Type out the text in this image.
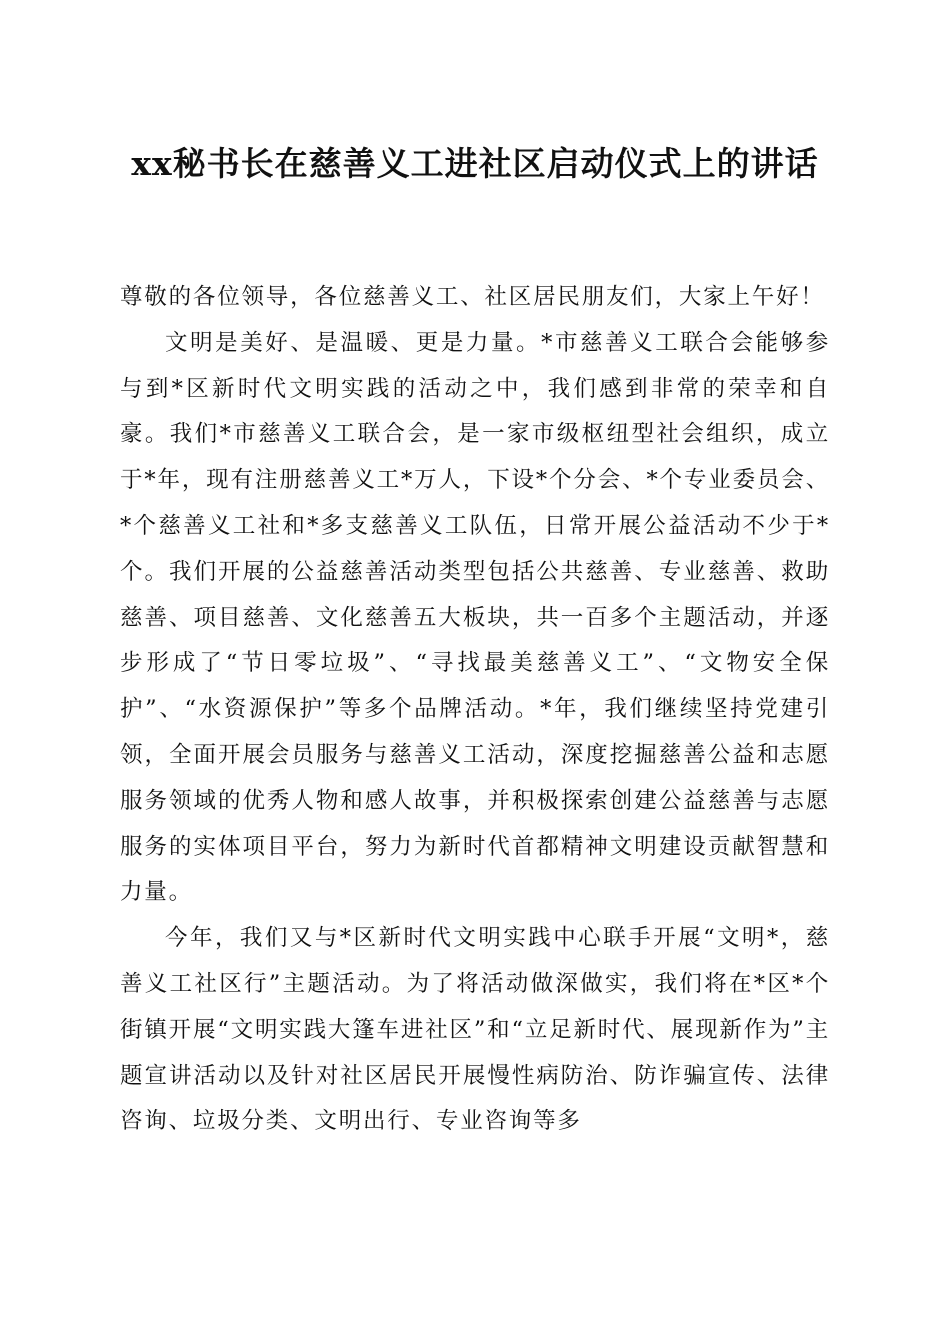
xx秘书长在慈善义工进社区启动仪式上的讲话

尊敬的各位领导，各位慈善义工、社区居民朋友们，大家上午好！

文明是美好、是温暖、更是力量。*市慈善义工联合会能够参与到*区新时代文明实践的活动之中，我们感到非常的荣幸和自豪。我们*市慈善义工联合会，是一家市级枢纽型社会组织，成立于*年，现有注册慈善义工*万人，下设*个分会、*个专业委员会、*个慈善义工社和*多支慈善义工队伍，日常开展公益活动不少于*个。我们开展的公益慈善活动类型包括公共慈善、专业慈善、救助慈善、项目慈善、文化慈善五大板块，共一百多个主题活动，并逐步形成了“节日零垃圾”、“寻找最美慈善义工”、“文物安全保护”、“水资源保护”等多个品牌活动。*年，我们继续坚持党建引领，全面开展会员服务与慈善义工活动，深度挖掘慈善公益和志愿服务领域的优秀人物和感人故事，并积极探索创建公益慈善与志愿服务的实体项目平台，努力为新时代首都精神文明建设贡献智慧和力量。

今年，我们又与*区新时代文明实践中心联手开展“文明*，慈善义工社区行”主题活动。为了将活动做深做实，我们将在*区*个街镇开展“文明实践大篷车进社区”和“立足新时代、展现新作为”主题宣讲活动以及针对社区居民开展慢性病防治、防诈骗宣传、法律咨询、垃圾分类、文明出行、专业咨询等多
